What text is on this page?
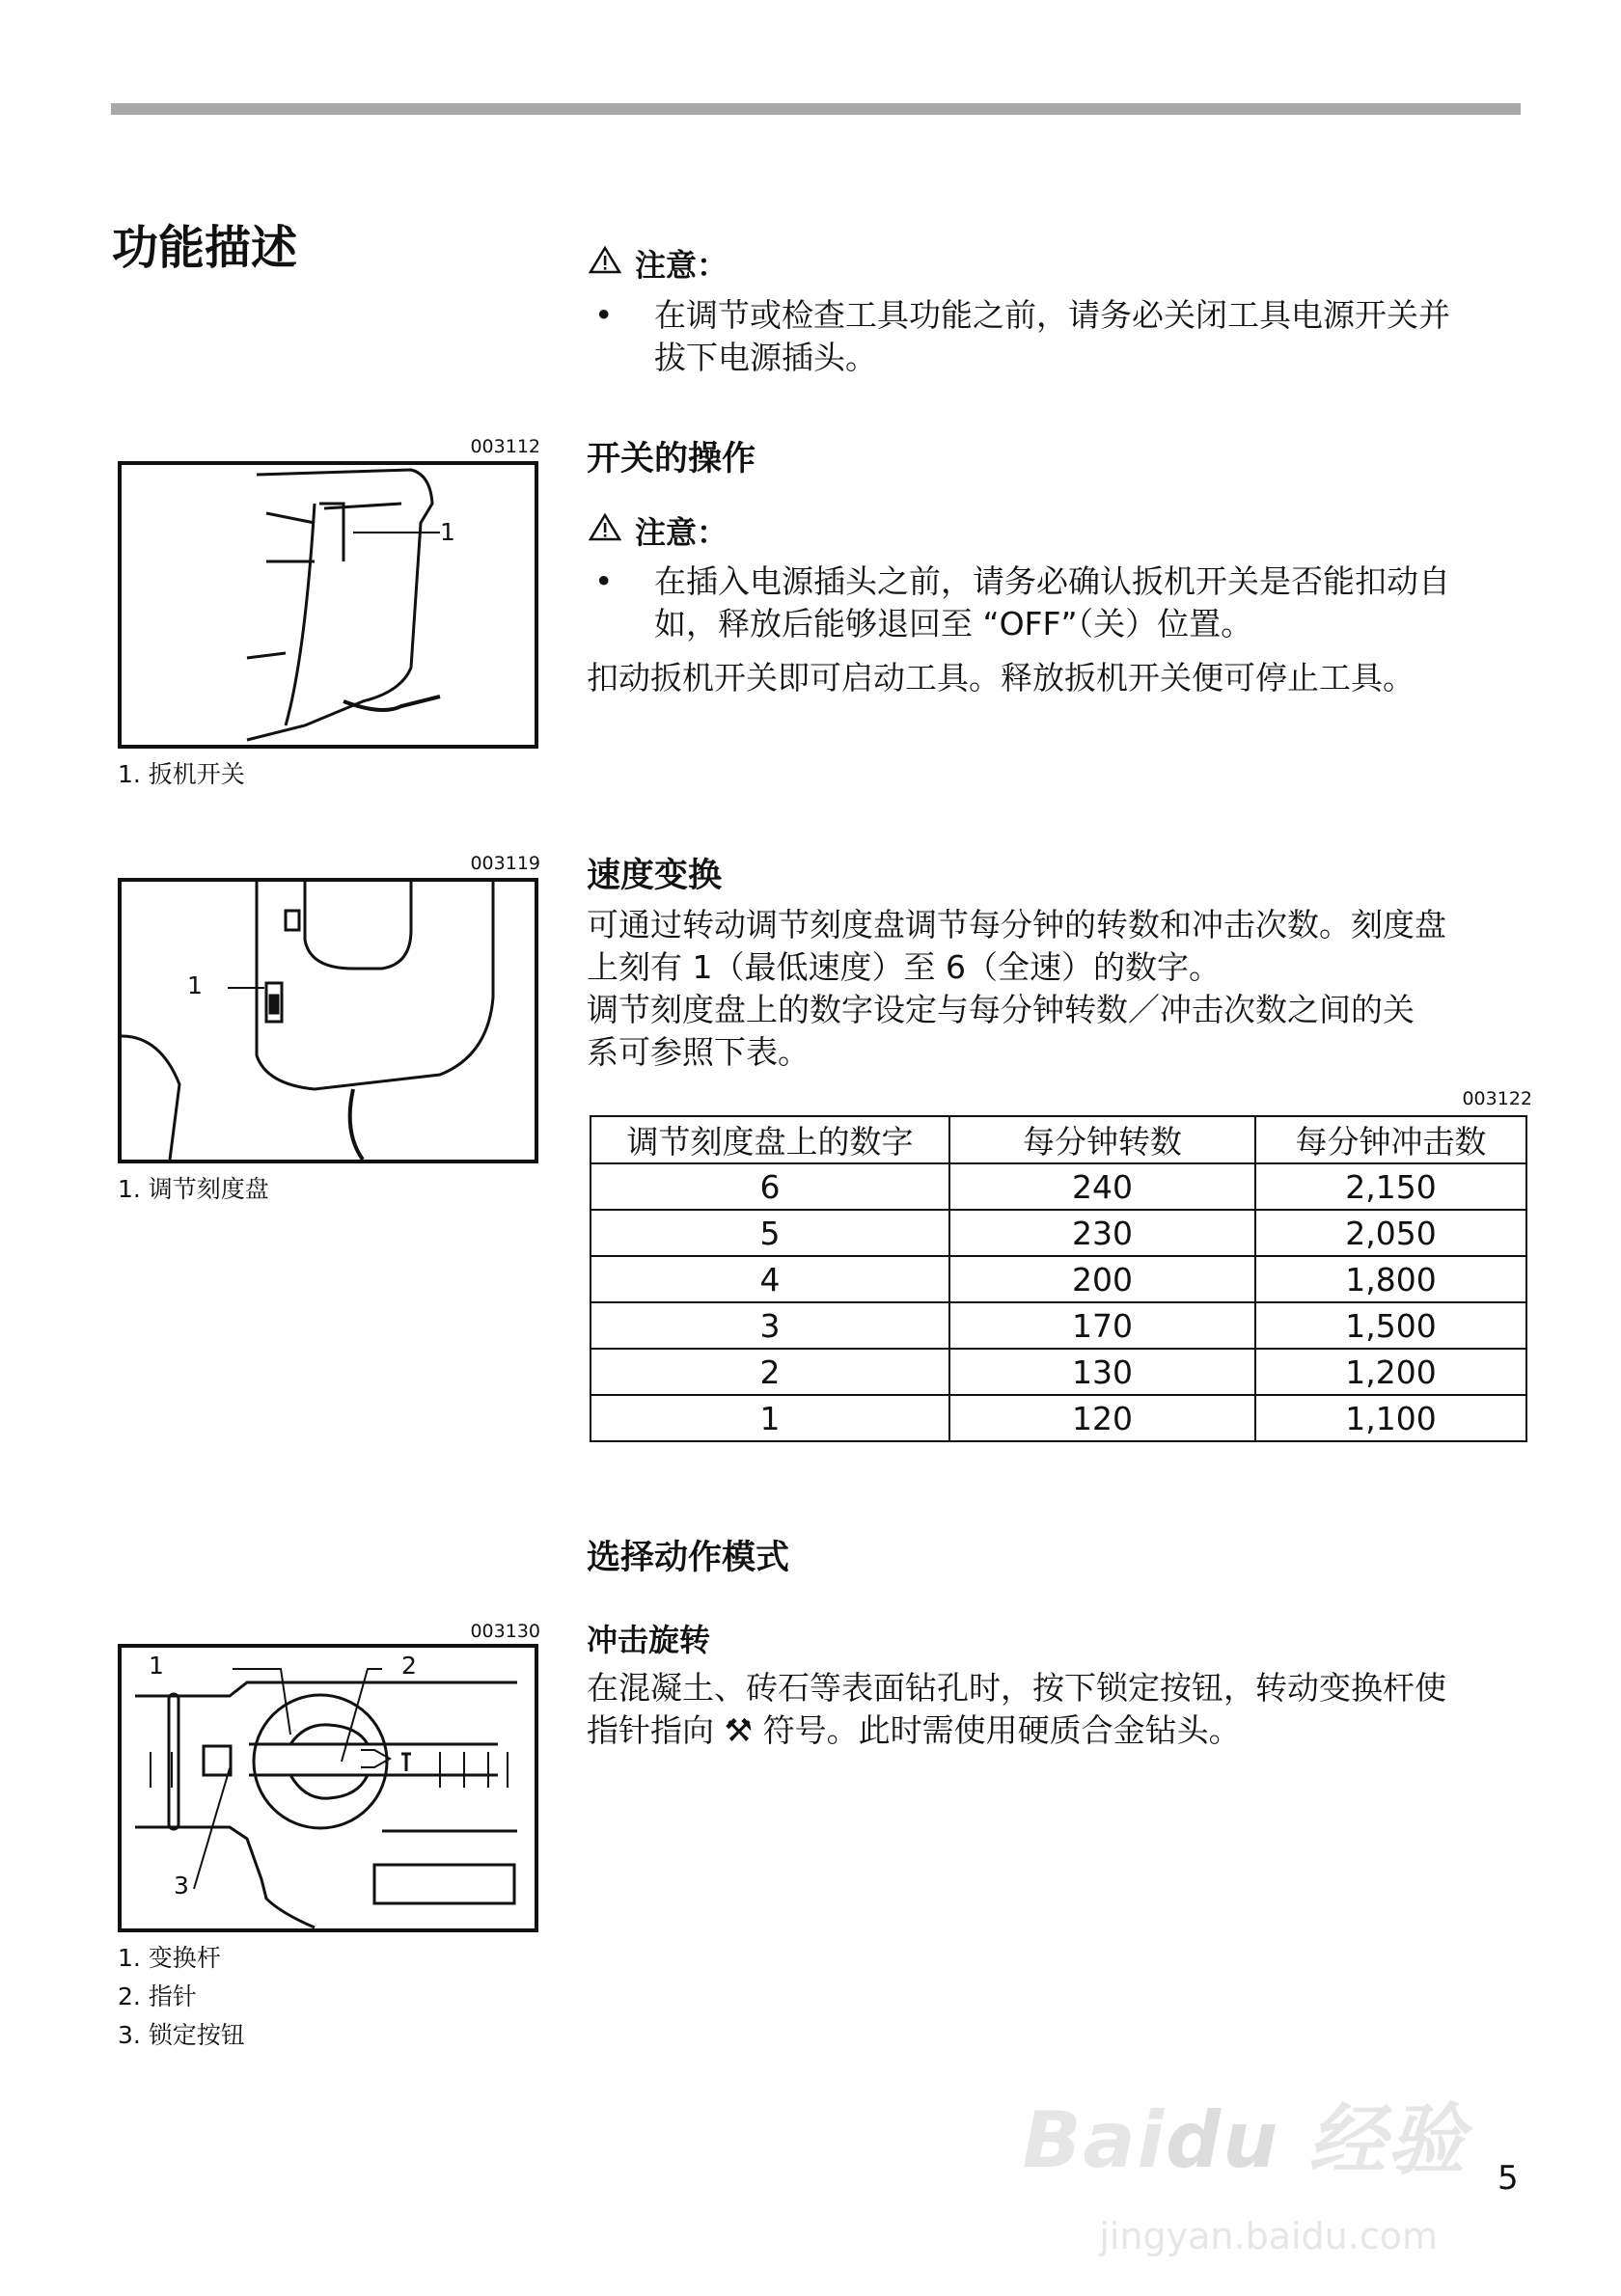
功能描述	注意：
•	在调节或检查工具功能之前，请务必关闭工具电源开关并
拔下电源插头。
003112
1
1. 扳机开关
开关的操作
注意：
•	在插入电源插头之前，请务必确认扳机开关是否能扣动自
如，释放后能够退回至 “OFF”（关）位置。
扣动扳机开关即可启动工具。释放扳机开关便可停止工具。
003119
1
1. 调节刻度盘
速度变换
可通过转动调节刻度盘调节每分钟的转数和冲击次数。刻度盘
上刻有 1（最低速度）至 6（全速）的数字。
调节刻度盘上的数字设定与每分钟转数／冲击次数之间的关
系可参照下表。
003122
调节刻度盘上的数字	每分钟转数	每分钟冲击数
6	240	2,150
5	230	2,050
4	200	1,800
3	170	1,500
2	130	1,200
1	120	1,100
选择动作模式
冲击旋转
003130
1	2
3
1. 变换杆
2. 指针
3. 锁定按钮
在混凝土、砖石等表面钻孔时，按下锁定按钮，转动变换杆使
指针指向 ⚒ 符号。此时需使用硬质合金钻头。
Baidu 经验
jingyan.baidu.com
5
